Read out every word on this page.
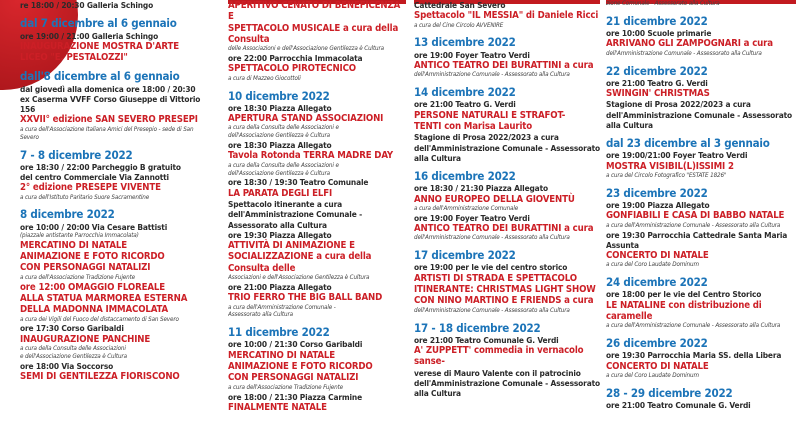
re 18:00 / 20:30 Galleria Schingo
dal 7 dicembre al 6 gennaio
ore 19:00 / 21:00 Galleria Schingo
INAUGURAZIONE MOSTRA D'ARTE
LICEO "E. PESTALOZZI"
dall'8 dicembre al 6 gennaio
dal giovedì alla domenica ore 18:00 / 20:30
ex Caserma VVFF Corso Giuseppe di Vittorio 156
XXVII° edizione SAN SEVERO PRESEPI
a cura dell'Associazione Italiana Amici del Presepio - sede di San Severo
7 - 8 dicembre 2022
ore 18:30 / 22:00 Parcheggio B gratuito
del centro Commerciale Via Zannotti
2° edizione PRESEPE VIVENTE
a cura dell'Istituto Paritario Suore Sacramentine
8 dicembre 2022
ore 10:00 / 20:00 Via Cesare Battisti
(piazzale antistante Parrocchia Immacolata)
MERCATINO DI NATALE
ANIMAZIONE E FOTO RICORDO
CON PERSONAGGI NATALIZI
a cura dell'Associazione Tradizione Fujente
ore 12:00 OMAGGIO FLOREALE
ALLA STATUA MARMOREA ESTERNA
DELLA MADONNA IMMACOLATA
a cura dei Vigili del Fuoco del distaccamento di San Severo
ore 17:30 Corso Garibaldi
INAUGURAZIONE PANCHINE
a cura della Consulta delle Associazioni
e dell'Associazione Gentilezza è Cultura
ore 18:00 Via Soccorso
SEMI DI GENTILEZZA FIORISCONO
APERITIVO CENATO DI BENEFICENZA E
SPETTACOLO MUSICALE a cura della Consulta
delle Associazioni e dell'Associazione Gentilezza è Cultura
ore 22:00 Parrocchia Immacolata
SPETTACOLO PIROTECNICO
a cura di Mazzeo Giocottoli
10 dicembre 2022
ore 18:30 Piazza Allegato
APERTURA STAND ASSOCIAZIONI
a cura della Consulta delle Associazioni e
dell'Associazione Gentilezza è Cultura
ore 18:30 Piazza Allegato
Tavola Rotonda TERRA MADRE DAY
a cura della Consulta delle Associazioni e
dell'Associazione Gentilezza è Cultura
ore 18:30 / 19:30 Teatro Comunale
LA PARATA DEGLI ELFI
Spettacolo itinerante a cura dell'Amministrazione Comunale - Assessorato alla Cultura
ore 19:30 Piazza Allegato
ATTIVITÀ DI ANIMAZIONE E
SOCIALIZZAZIONE a cura della Consulta delle
Associazioni e dell'Associazione Gentilezza è Cultura
ore 21:00 Piazza Allegato
TRIO FERRO THE BIG BALL BAND
a cura dell'Amministrazione Comunale -
Assessorato alla Cultura
11 dicembre 2022
ore 10:00 / 21:30 Corso Garibaldi
MERCATINO DI NATALE
ANIMAZIONE E FOTO RICORDO
CON PERSONAGGI NATALIZI
a cura dell'Associazione Tradizione Fujente
ore 18:00 / 21:30 Piazza Carmine
FINALMENTE NATALE
Cattedrale San Severo
Spettacolo "IL MESSIA" di Daniele Ricci
a cura del Cine Circolo AVVENIRE
13 dicembre 2022
ore 19:00 Foyer Teatro Verdi
ANTICO TEATRO DEI BURATTINI a cura
dell'Amministrazione Comunale - Assessorato alla Cultura
14 dicembre 2022
ore 21:00 Teatro G. Verdi
PERSONE NATURALI E STRAFOT-
TENTI con Marisa Laurito
Stagione di Prosa 2022/2023 a cura dell'Amministrazione Comunale - Assessorato alla Cultura
16 dicembre 2022
ore 18:30 / 21:30 Piazza Allegato
ANNO EUROPEO DELLA GIOVENTÙ
a cura dell'Amministrazione Comunale
ore 19:00 Foyer Teatro Verdi
ANTICO TEATRO DEI BURATTINI a cura
dell'Amministrazione Comunale - Assessorato alla Cultura
17 dicembre 2022
ore 19:00 per le vie del centro storico
ARTISTI DI STRADA E SPETTACOLO
ITINERANTE: CHRISTMAS LIGHT SHOW
CON NINO MARTINO E FRIENDS a cura
dell'Amministrazione Comunale - Assessorato alla Cultura
17 - 18 dicembre 2022
ore 21:00 Teatro Comunale G. Verdi
A' ZUPPETT' commedia in vernacolo sanse-
verese di Mauro Valente con il patrocinio dell'Amministrazione Comunale - Assessorato alla Cultura
zione Comunale - Assessorato alla Cultura
21 dicembre 2022
ore 10:00 Scuole primarie
ARRIVANO GLI ZAMPOGNARI a cura
dell'Amministrazione Comunale - Assessorato alla Cultura
22 dicembre 2022
ore 21:00 Teatro G. Verdi
SWINGIN' CHRISTMAS
Stagione di Prosa 2022/2023 a cura dell'Amministrazione Comunale - Assessorato alla Cultura
dal 23 dicembre al 3 gennaio
ore 19:00/21:00 Foyer Teatro Verdi
MOSTRA VISIBIL(L)ISSIMI 2
a cura del Circolo Fotografico "ESTATE 1826"
23 dicembre 2022
ore 19:00 Piazza Allegato
GONFIABILI E CASA DI BABBO NATALE
a cura dell'Amministrazione Comunale - Assessorato alla Cultura
ore 19:30 Parrocchia Cattedrale Santa Maria Assunta
CONCERTO DI NATALE
a cura del Coro Laudate Dominum
24 dicembre 2022
ore 18:00 per le vie del Centro Storico
LE NATALINE con distribuzione di caramelle
a cura dell'Amministrazione Comunale - Assessorato alla Cultura
26 dicembre 2022
ore 19:30 Parrocchia Maria SS. della Libera
CONCERTO DI NATALE
a cura del Coro Laudate Dominum
28 - 29 dicembre 2022
ore 21:00 Teatro Comunale G. Verdi
